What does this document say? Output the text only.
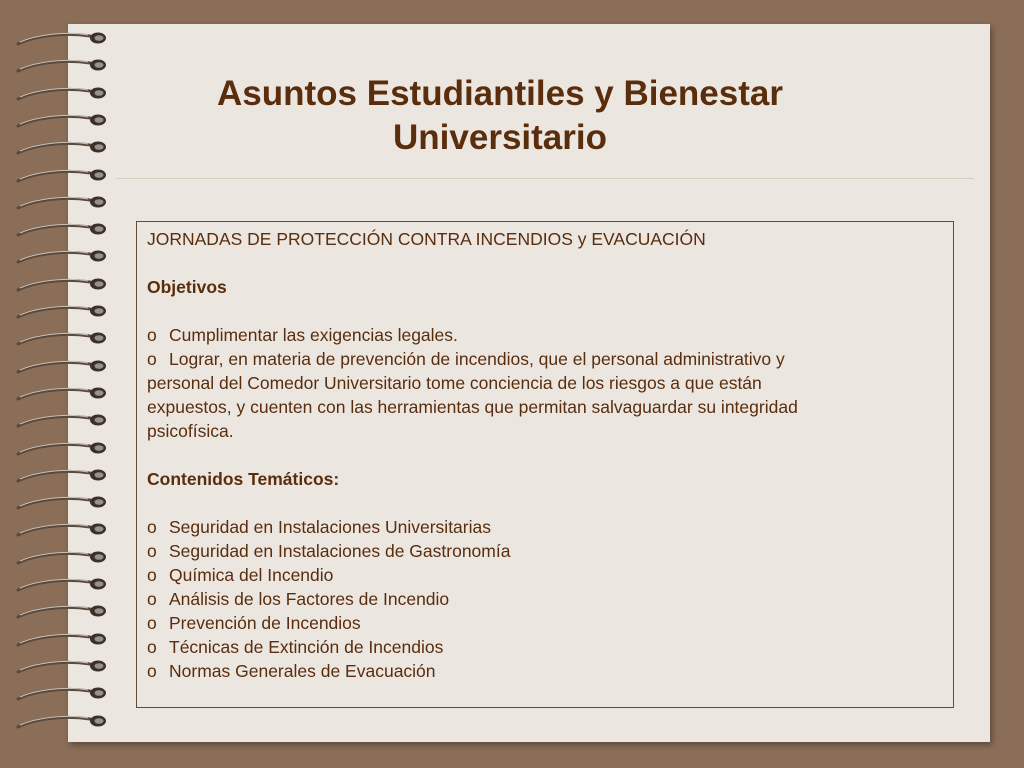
Asuntos Estudiantiles y Bienestar
Universitario

JORNADAS DE PROTECCIÓN CONTRA INCENDIOS y EVACUACIÓN

Objetivos

o Cumplimentar las exigencias legales.
o Lograr, en materia de prevención de incendios, que el personal administrativo y

personal del Comedor Universitario tome conciencia de los riesgos a que están

expuestos, y cuenten con las herramientas que permitan salvaguardar su integridad

psicofísica.

Contenidos Temáticos:

o Seguridad en Instalaciones Universitarias
o Seguridad en Instalaciones de Gastronomía
o Química del Incendio
o Análisis de los Factores de Incendio
o Prevención de Incendios
o Técnicas de Extinción de Incendios
o Normas Generales de Evacuación
